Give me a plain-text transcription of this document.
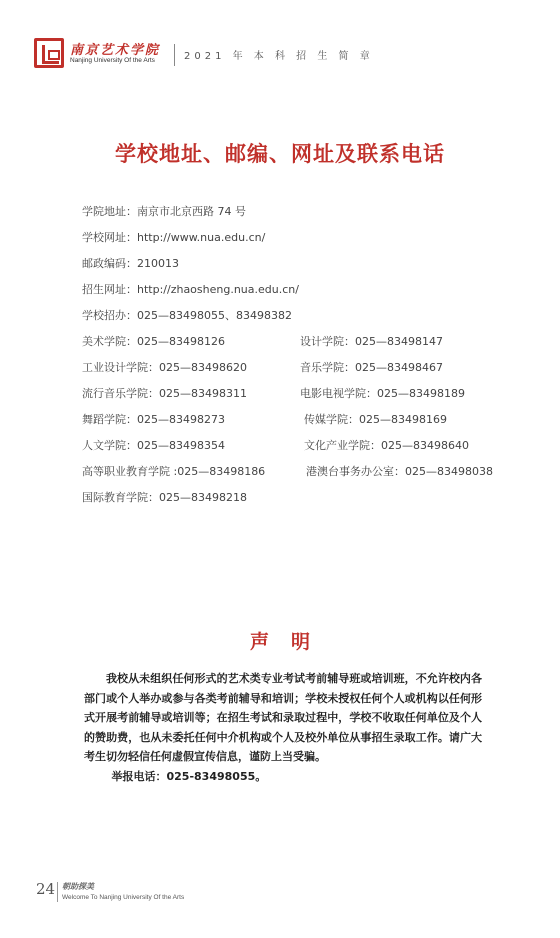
南京艺术学院
Nanjing University Of the Arts	2021 年 本 科 招 生 简 章
学校地址、邮编、网址及联系电话
学院地址：南京市北京西路 74 号
学校网址：http://www.nua.edu.cn/
邮政编码：210013
招生网址：http://zhaosheng.nua.edu.cn/
学校招办：025—83498055、83498382
美术学院：025—83498126	设计学院：025—83498147
工业设计学院：025—83498620	音乐学院：025—83498467
流行音乐学院：025—83498311	电影电视学院：025—83498189
舞蹈学院：025—83498273	传媒学院：025—83498169
人文学院：025—83498354	文化产业学院：025—83498640
高等职业教育学院 :025—83498186	港澳台事务办公室：025—83498038
国际教育学院：025—83498218
声明

我校从未组织任何形式的艺术类专业考试考前辅导班或培训班，不允许校内各部门或个人举办或参与各类考前辅导和培训；学校未授权任何个人或机构以任何形式开展考前辅导或培训等；在招生考试和录取过程中，学校不收取任何单位及个人的赞助费，也从未委托任何中介机构或个人及校外单位从事招生录取工作。请广大考生切勿轻信任何虚假宣传信息，谨防上当受骗。

举报电话：025-83498055。

24 朝助探美
Welcome To Nanjing University Of the Arts
